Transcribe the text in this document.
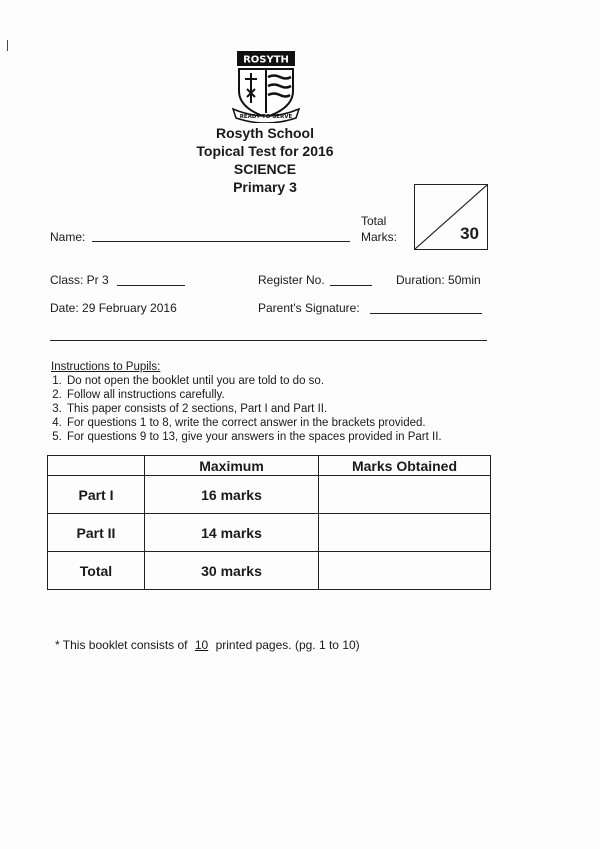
ROSYTH
READY TO SERVE
Rosyth School
Topical Test for 2016
SCIENCE
Primary 3
Name:
Total
Marks:	30
Class: Pr 3	Register No.	Duration: 50min
Date: 29 February 2016	Parent's Signature:
Instructions to Pupils:
1. Do not open the booklet until you are told to do so.
2. Follow all instructions carefully.
3. This paper consists of 2 sections, Part I and Part II.
4. For questions 1 to 8, write the correct answer in the brackets provided.
5. For questions 9 to 13, give your answers in the spaces provided in Part II.
	Maximum	Marks Obtained
Part I	16 marks	
Part II	14 marks	
Total	30 marks	
* This booklet consists of 10 printed pages. (pg. 1 to 10)
